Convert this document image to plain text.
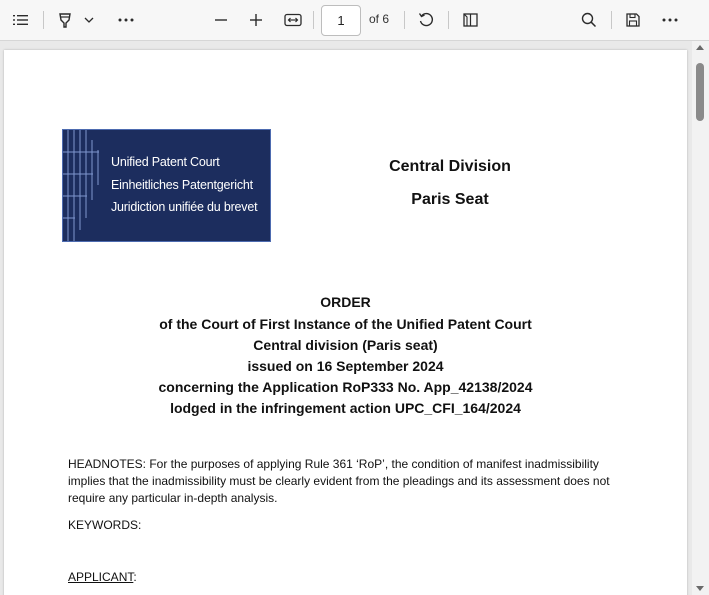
1	of 6
Unified Patent Court
Einheitliches Patentgericht
Juridiction unifiée du brevet
Central Division
Paris Seat
ORDER
of the Court of First Instance of the Unified Patent Court
Central division (Paris seat)
issued on 16 September 2024
concerning the Application RoP333 No. App_42138/2024
lodged in the infringement action UPC_CFI_164/2024
HEADNOTES: For the purposes of applying Rule 361 ‘RoP’, the condition of manifest inadmissibility implies that the inadmissibility must be clearly evident from the pleadings and its assessment does not require any particular in-depth analysis.
KEYWORDS:
APPLICANT:
